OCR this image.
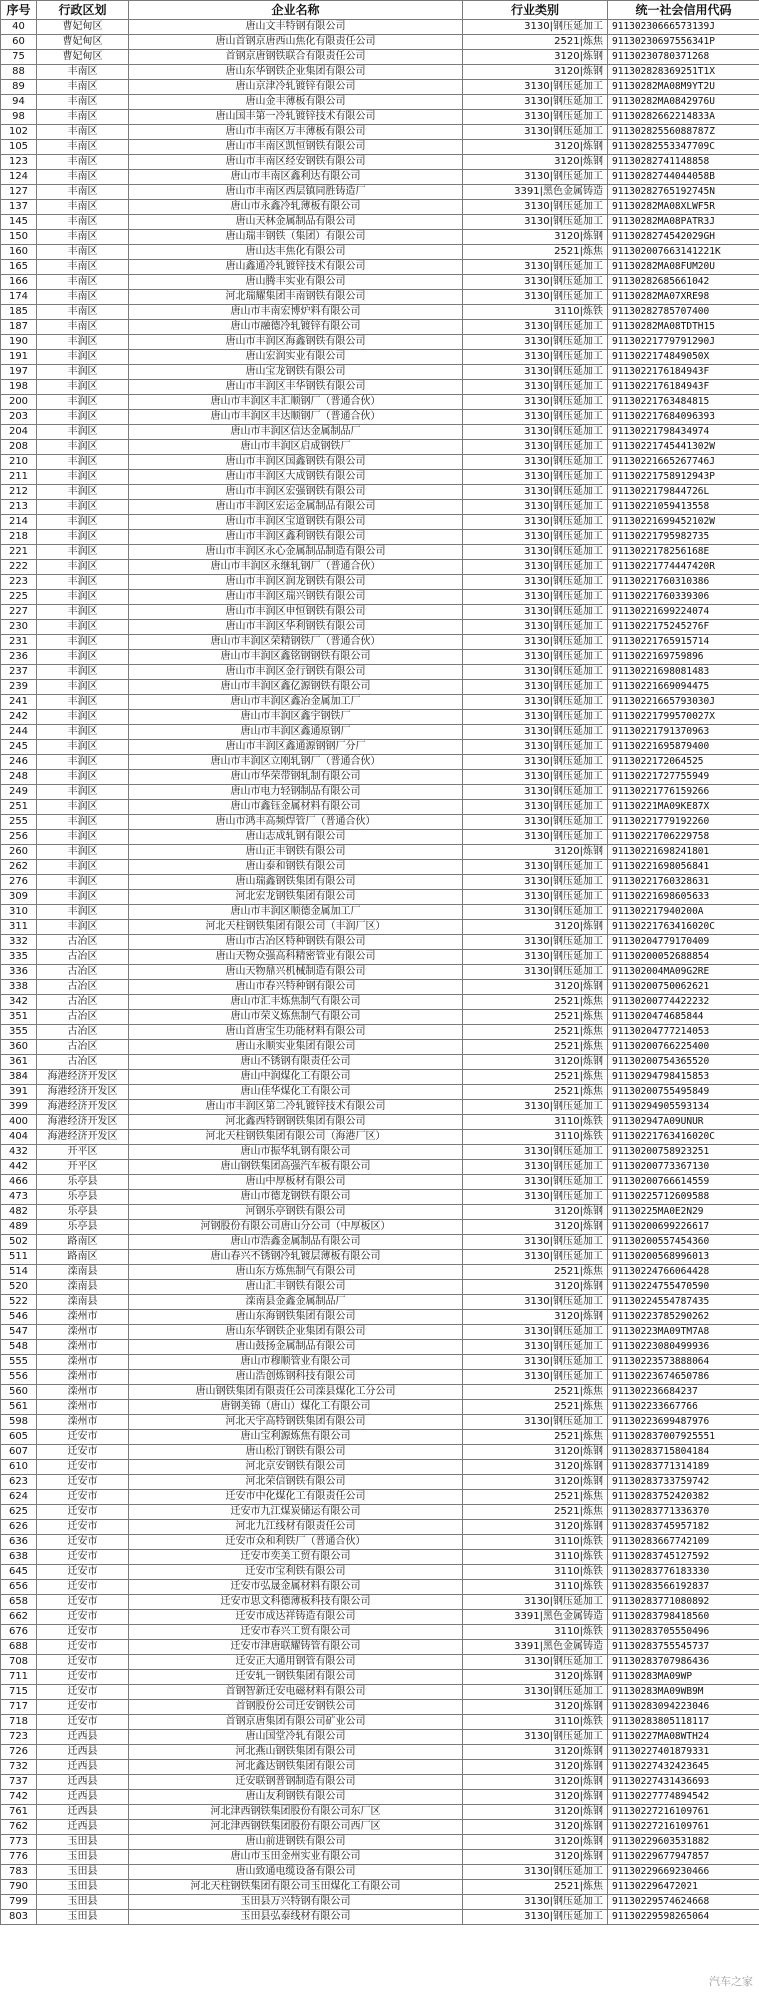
序号	行政区划	企业名称	行业类别	统一社会信用代码
40	曹妃甸区	唐山文丰特钢有限公司	3130|钢压延加工	91130230666573139J
60	曹妃甸区	唐山首钢京唐西山焦化有限责任公司	2521|炼焦	91130230697556341P
75	曹妃甸区	首钢京唐钢铁联合有限责任公司	3120|炼钢	91130230780371268
88	丰南区	唐山东华钢铁企业集团有限公司	3120|炼钢	911302828369251T1X
89	丰南区	唐山京津冷轧镀锌有限公司	3130|钢压延加工	91130282MA08M9YT2U
94	丰南区	唐山金丰薄板有限公司	3130|钢压延加工	91130282MA0842976U
98	丰南区	唐山国丰第一冷轧镀锌技术有限公司	3130|钢压延加工	91130282662214833A
102	丰南区	唐山市丰南区万丰薄板有限公司	3130|钢压延加工	91130282556088787Z
105	丰南区	唐山市丰南区凯恒钢铁有限公司	3120|炼钢	91130282553347709C
123	丰南区	唐山市丰南区经安钢铁有限公司	3120|炼钢	91130282741148858
124	丰南区	唐山市丰南区鑫利达有限公司	3130|钢压延加工	91130282744044058B
127	丰南区	唐山市丰南区西层镇同胜铸造厂	3391|黑色金属铸造	91130282765192745N
137	丰南区	唐山市永鑫冷轧薄板有限公司	3130|钢压延加工	91130282MA08XLWF5R
145	丰南区	唐山天林金属制品有限公司	3130|钢压延加工	91130282MA08PATR3J
150	丰南区	唐山瑞丰钢铁（集团）有限公司	3120|炼钢	9113028274542029GH
160	丰南区	唐山达丰焦化有限公司	2521|炼焦	911302007663141221K
165	丰南区	唐山鑫通冷轧镀锌技术有限公司	3130|钢压延加工	91130282MA08FUM20U
166	丰南区	唐山腾丰实业有限公司	3130|钢压延加工	91130282685661042
174	丰南区	河北瑞耀集团丰南钢铁有限公司	3130|钢压延加工	91130282MA07XRE98
185	丰南区	唐山市丰南宏博炉料有限公司	3110|炼铁	91130282785707400
187	丰南区	唐山市融德冷轧镀锌有限公司	3130|钢压延加工	91130282MA08TDTH15
190	丰润区	唐山市丰润区海鑫钢铁有限公司	3130|钢压延加工	91130221779791290J
191	丰润区	唐山宏润实业有限公司	3130|钢压延加工	9113022174849050X
197	丰润区	唐山宝龙钢铁有限公司	3130|钢压延加工	9113022176184943F
198	丰润区	唐山市丰润区丰华钢铁有限公司	3130|钢压延加工	9113022176184943F
200	丰润区	唐山市丰润区丰汇顺钢厂（普通合伙）	3130|钢压延加工	91130221763484815
203	丰润区	唐山市丰润区丰达顺钢厂（普通合伙）	3130|钢压延加工	911302217684096393
204	丰润区	唐山市丰润区信达金属制品厂	3130|钢压延加工	91130221798434974
208	丰润区	唐山市丰润区启成钢铁厂	3130|钢压延加工	91130221745441302W
210	丰润区	唐山市丰润区国鑫钢铁有限公司	3130|钢压延加工	91130221665267746J
211	丰润区	唐山市丰润区大成钢铁有限公司	3130|钢压延加工	91130221758912943P
212	丰润区	唐山市丰润区宏强钢铁有限公司	3130|钢压延加工	9113022179844726L
213	丰润区	唐山市丰润区宏运金属制品有限公司	3130|钢压延加工	91130221059413558
214	丰润区	唐山市丰润区宝道钢铁有限公司	3130|钢压延加工	91130221699452102W
218	丰润区	唐山市丰润区鑫利钢铁有限公司	3130|钢压延加工	91130221795982735
221	丰润区	唐山市丰润区永心金属制品制造有限公司	3130|钢压延加工	9113022178256168E
222	丰润区	唐山市丰润区永继轧钢厂（普通合伙）	3130|钢压延加工	91130221774447420R
223	丰润区	唐山市丰润区润龙钢铁有限公司	3130|钢压延加工	91130221760310386
225	丰润区	唐山市丰润区瑞兴钢铁有限公司	3130|钢压延加工	91130221760339306
227	丰润区	唐山市丰润区申恒钢铁有限公司	3130|钢压延加工	91130221699224074
230	丰润区	唐山市丰润区华利钢铁有限公司	3130|钢压延加工	9113022175245276F
231	丰润区	唐山市丰润区荣精钢铁厂（普通合伙）	3130|钢压延加工	91130221765915714
236	丰润区	唐山市丰润区鑫铭钢钢铁有限公司	3130|钢压延加工	9113022169759896
237	丰润区	唐山市丰润区金行钢铁有限公司	3130|钢压延加工	91130221698081483
239	丰润区	唐山市丰润区鑫亿源钢铁有限公司	3130|钢压延加工	91130221669094475
241	丰润区	唐山市丰润区鑫冶金属加工厂	3130|钢压延加工	91130221665793030J
242	丰润区	唐山市丰润区鑫宇钢铁厂	3130|钢压延加工	91130221799570027X
244	丰润区	唐山市丰润区鑫通原钢厂	3130|钢压延加工	91130221791370963
245	丰润区	唐山市丰润区鑫通源钢钢厂分厂	3130|钢压延加工	91130221695879400
246	丰润区	唐山市丰润区立刚轧钢厂（普通合伙）	3130|钢压延加工	9113022172064525
248	丰润区	唐山市华荣带钢轧制有限公司	3130|钢压延加工	91130221727755949
249	丰润区	唐山市电力轻钢制品有限公司	3130|钢压延加工	91130221776159266
251	丰润区	唐山市鑫钰金属材料有限公司	3130|钢压延加工	91130221MA09KE87X
255	丰润区	唐山市鸿丰高频焊管厂（普通合伙）	3130|钢压延加工	91130221779192260
256	丰润区	唐山志成轧钢有限公司	3130|钢压延加工	91130221706229758
260	丰润区	唐山正丰钢铁有限公司	3120|炼钢	91130221698241801
262	丰润区	唐山泰和钢铁有限公司	3130|钢压延加工	91130221698056841
276	丰润区	唐山瑞鑫钢铁集团有限公司	3130|钢压延加工	91130221760328631
309	丰润区	河北宏龙钢铁集团有限公司	3130|钢压延加工	91130221698605633
310	丰润区	唐山市丰润区顺德金属加工厂	3130|钢压延加工	911302217940200A
311	丰润区	河北天柱钢铁集团有限公司（丰润厂区）	3120|炼钢	91130221763416020C
332	古冶区	唐山市古冶区特种钢铁有限公司	3130|钢压延加工	91130204779170409
335	古冶区	唐山天物众强高科精密管业有限公司	3130|钢压延加工	91130200052688854
336	古冶区	唐山天物鼎兴机械制造有限公司	3130|钢压延加工	911302004MA09G2RE
338	古冶区	唐山市春兴特种钢有限公司	3120|炼钢	91130200750062621
342	古冶区	唐山市汇丰炼焦制气有限公司	2521|炼焦	91130200774422232
351	古冶区	唐山市荣义炼焦制气有限公司	2521|炼焦	9113020474685844
355	古冶区	唐山首唐宝生功能材料有限公司	2521|炼焦	91130204777214053
360	古冶区	唐山永顺实业集团有限公司	2521|炼焦	91130200766225400
361	古冶区	唐山不锈钢有限责任公司	3120|炼钢	91130200754365520
384	海港经济开发区	唐山中润煤化工有限公司	2521|炼焦	91130294798415853
391	海港经济开发区	唐山佳华煤化工有限公司	2521|炼焦	91130200755495849
399	海港经济开发区	唐山市丰润区第二冷轧镀锌技术有限公司	3130|钢压延加工	91130294905593134
400	海港经济开发区	河北鑫西特钢钢铁集团有限公司	3110|炼铁	911302947A09UNUR
404	海港经济开发区	河北天柱钢铁集团有限公司（海港厂区）	3110|炼铁	91130221763416020C
432	开平区	唐山市振华轧钢有限公司	3130|钢压延加工	91130200758923251
442	开平区	唐山钢铁集团高强汽车板有限公司	3130|钢压延加工	91130200773367130
466	乐亭县	唐山中厚板材有限公司	3130|钢压延加工	91130200766614559
473	乐亭县	唐山市德龙钢铁有限公司	3130|钢压延加工	91130225712609588
482	乐亭县	河钢乐亭钢铁有限公司	3120|炼钢	91130225MA0E2N29
489	乐亭县	河钢股份有限公司唐山分公司（中厚板区）	3120|炼钢	91130200699226617
502	路南区	唐山市浩鑫金属制品有限公司	3130|钢压延加工	91130200557454360
511	路南区	唐山春兴不锈钢冷轧镀层薄板有限公司	3130|钢压延加工	91130200568996013
514	滦南县	唐山东方炼焦制气有限公司	2521|炼焦	91130224766064428
520	滦南县	唐山汇丰钢铁有限公司	3120|炼钢	91130224755470590
522	滦南县	滦南县金鑫金属制品厂	3130|钢压延加工	91130224554787435
546	滦州市	唐山东海钢铁集团有限公司	3120|炼钢	91130223785290262
547	滦州市	唐山东华钢铁企业集团有限公司	3130|钢压延加工	91130223MA09TM7A8
548	滦州市	唐山鼓扬金属制品有限公司	3130|钢压延加工	91130223080499936
555	滦州市	唐山市穆顺管业有限公司	3130|钢压延加工	91130223573888064
556	滦州市	唐山浩创炼钢科技有限公司	3130|钢压延加工	91130223674650786
560	滦州市	唐山钢铁集团有限责任公司滦县煤化工分公司	2521|炼焦	911302236684237
561	滦州市	唐钢美锦（唐山）煤化工有限公司	2521|炼焦	911302233667766
598	滦州市	河北天宇高特钢铁集团有限公司	3130|钢压延加工	91130223699487976
605	迁安市	唐山宝利源炼焦有限公司	2521|炼焦	911302837007925551
607	迁安市	唐山松汀钢铁有限公司	3120|炼钢	91130283715804184
610	迁安市	河北京安钢铁有限公司	3120|炼钢	91130283771314189
623	迁安市	河北荣信钢铁有限公司	3120|炼钢	91130283733759742
624	迁安市	迁安市中化煤化工有限责任公司	2521|炼焦	91130283752420382
625	迁安市	迁安市九江煤炭储运有限公司	2521|炼焦	91130283771336370
626	迁安市	河北九江线材有限责任公司	3120|炼钢	91130283745957182
636	迁安市	迁安市众和利铁厂（普通合伙）	3110|炼铁	91130283667742109
638	迁安市	迁安市奕美工贸有限公司	3110|炼铁	91130283745127592
645	迁安市	迁安市宝利铁有限公司	3110|炼铁	91130283776183330
656	迁安市	迁安市弘晟金属材料有限公司	3110|炼铁	91130283566192837
658	迁安市	迁安市思文科德薄板科技有限公司	3130|钢压延加工	91130283771080892
662	迁安市	迁安市成达祥铸造有限公司	3391|黑色金属铸造	91130283798418560
676	迁安市	迁安市春兴工贸有限公司	3110|炼铁	91130283705550496
688	迁安市	迁安市津唐联耀铸管有限公司	3391|黑色金属铸造	91130283755545737
708	迁安市	迁安正大通用钢管有限公司	3130|钢压延加工	91130283707986436
711	迁安市	迁安轧一钢铁集团有限公司	3120|炼钢	91130283MA09WP
715	迁安市	首钢智新迁安电磁材料有限公司	3130|钢压延加工	91130283MA09WB9M
717	迁安市	首钢股份公司迁安钢铁公司	3120|炼钢	91130283094223046
718	迁安市	首钢京唐集团有限公司矿业公司	3110|炼铁	91130283805118117
723	迁西县	唐山国堂冷轧有限公司	3130|钢压延加工	91130227MA08WTH24
726	迁西县	河北燕山钢铁集团有限公司	3120|炼钢	91130227401879331
732	迁西县	河北鑫达钢铁集团有限公司	3120|炼钢	91130227432423645
737	迁西县	迁安联钢普钢制造有限公司	3120|炼钢	91130227431436693
742	迁西县	唐山友利钢铁有限公司	3120|炼钢	91130227774894542
761	迁西县	河北津西钢铁集团股份有限公司东厂区	3120|炼钢	91130227216109761
762	迁西县	河北津西钢铁集团股份有限公司西厂区	3120|炼钢	91130227216109761
773	玉田县	唐山前进钢铁有限公司	3120|炼钢	91130229603531882
776	玉田县	唐山市玉田金州实业有限公司	3120|炼钢	91130229677947857
783	玉田县	唐山致通电缆设备有限公司	3130|钢压延加工	91130229669230466
790	玉田县	河北天柱钢铁集团有限公司玉田煤化工有限公司	2521|炼焦	911302296472021
799	玉田县	玉田县万兴特钢有限公司	3130|钢压延加工	91130229574624668
803	玉田县	玉田县弘泰线材有限公司	3130|钢压延加工	91130229598265064
汽车之家
